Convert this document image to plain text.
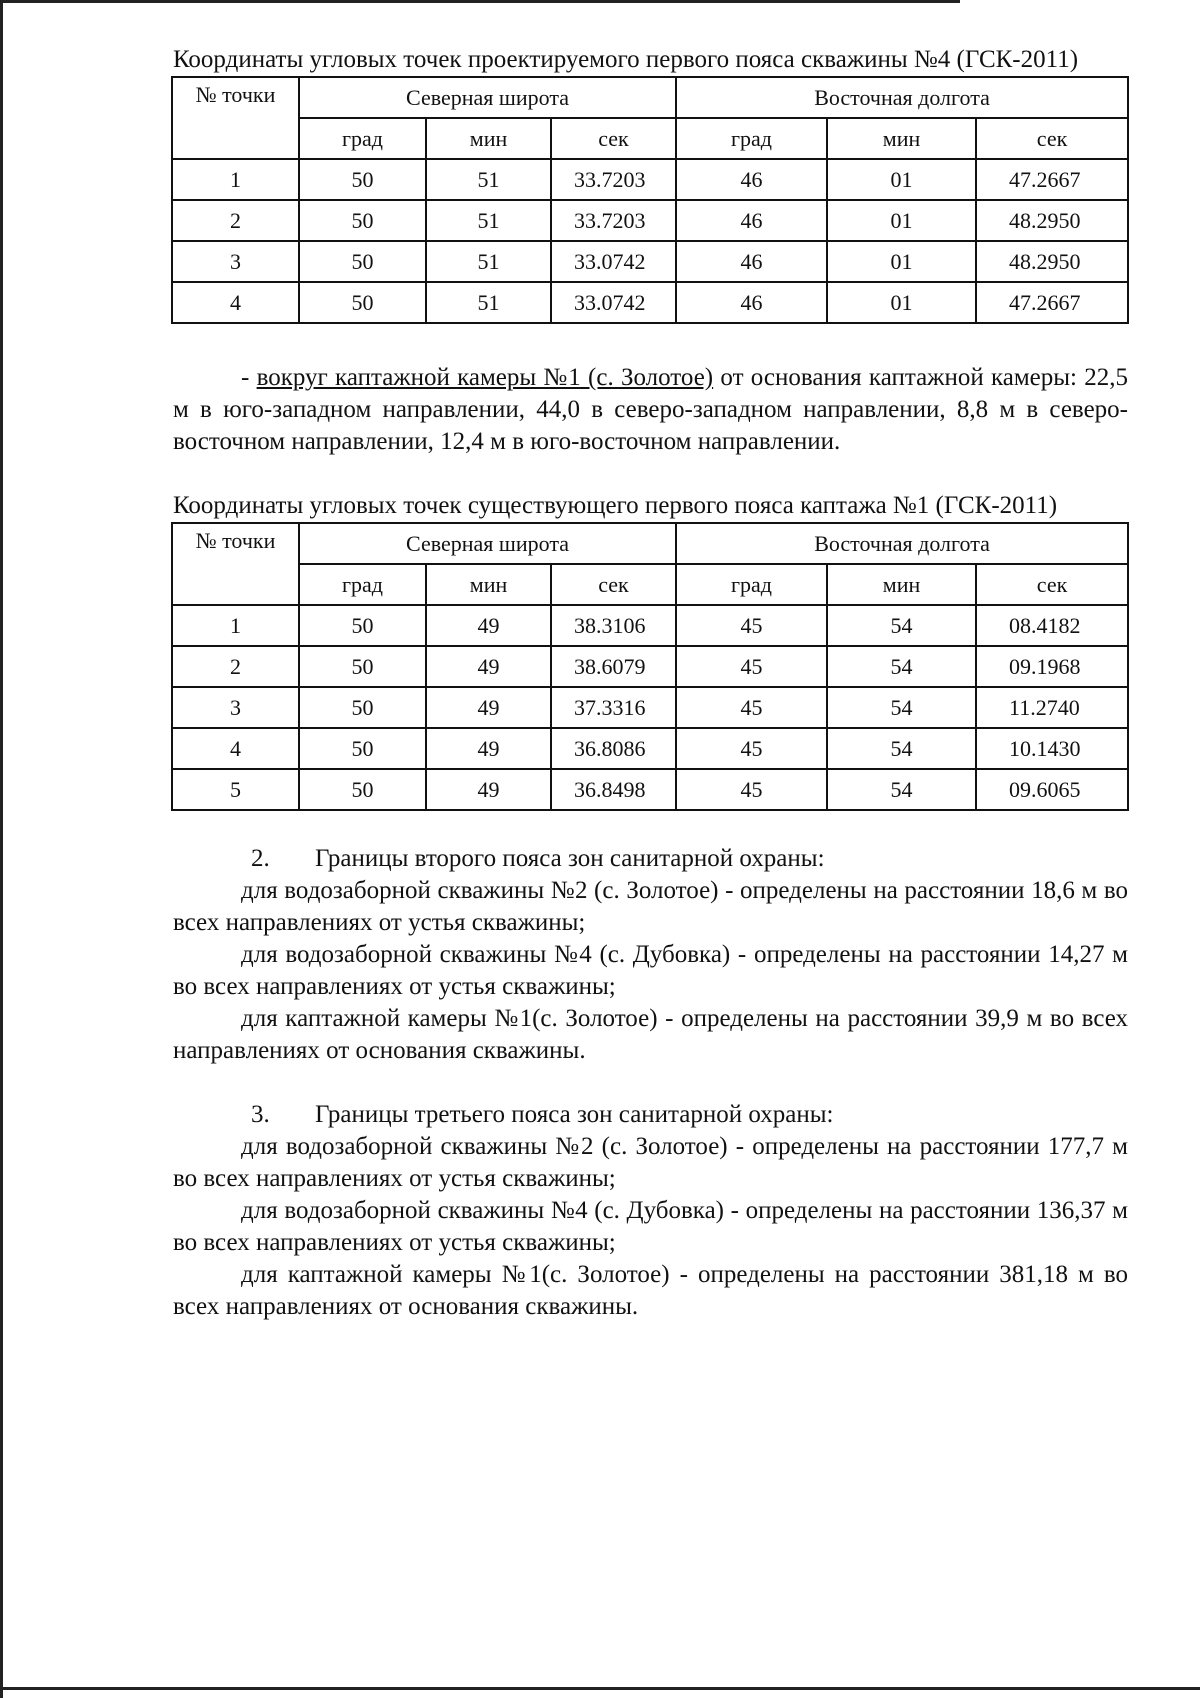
Координаты угловых точек проектируемого первого пояса скважины №4 (ГСК-2011)

№ точки	Северная широта			Восточная долгота		
	град	мин	сек	град	мин	сек
1	50	51	33.7203	46	01	47.2667
2	50	51	33.7203	46	01	48.2950
3	50	51	33.0742	46	01	48.2950
4	50	51	33.0742	46	01	47.2667

- вокруг каптажной камеры №1 (с. Золотое) от основания каптажной камеры: 22,5 м в юго-западном направлении, 44,0 в северо-западном направлении, 8,8 м в северо-восточном направлении, 12,4 м в юго-восточном направлении.

Координаты угловых точек существующего первого пояса каптажа №1 (ГСК-2011)

№ точки	Северная широта			Восточная долгота		
	град	мин	сек	град	мин	сек
1	50	49	38.3106	45	54	08.4182
2	50	49	38.6079	45	54	09.1968
3	50	49	37.3316	45	54	11.2740
4	50	49	36.8086	45	54	10.1430
5	50	49	36.8498	45	54	09.6065

2. Границы второго пояса зон санитарной охраны:

для водозаборной скважины №2 (с. Золотое) - определены на расстоянии 18,6 м во всех направлениях от устья скважины;

для водозаборной скважины №4 (с. Дубовка) - определены на расстоянии 14,27 м во всех направлениях от устья скважины;

для каптажной камеры №1(с. Золотое) - определены на расстоянии 39,9 м во всех направлениях от основания скважины.

3. Границы третьего пояса зон санитарной охраны:

для водозаборной скважины №2 (с. Золотое) - определены на расстоянии 177,7 м во всех направлениях от устья скважины;

для водозаборной скважины №4 (с. Дубовка) - определены на расстоянии 136,37 м во всех направлениях от устья скважины;

для каптажной камеры №1(с. Золотое) - определены на расстоянии 381,18 м во всех направлениях от основания скважины.
